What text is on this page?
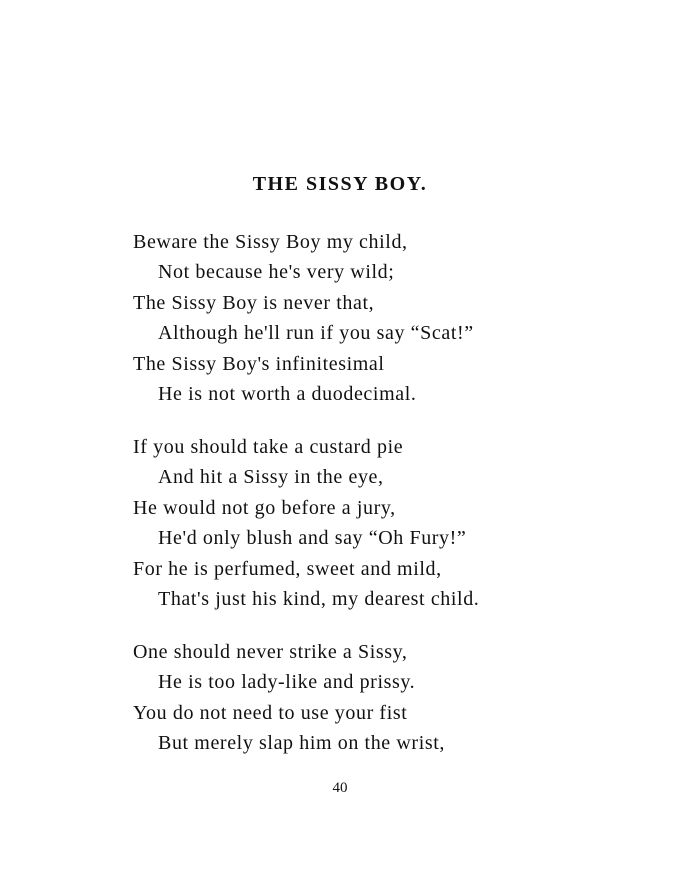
THE SISSY BOY.
Beware the Sissy Boy my child,
Not because he's very wild;
The Sissy Boy is never that,
Although he'll run if you say “Scat!”
The Sissy Boy's infinitesimal
He is not worth a duodecimal.
If you should take a custard pie
And hit a Sissy in the eye,
He would not go before a jury,
He'd only blush and say “Oh Fury!”
For he is perfumed, sweet and mild,
That's just his kind, my dearest child.
One should never strike a Sissy,
He is too lady-like and prissy.
You do not need to use your fist
But merely slap him on the wrist,
40
